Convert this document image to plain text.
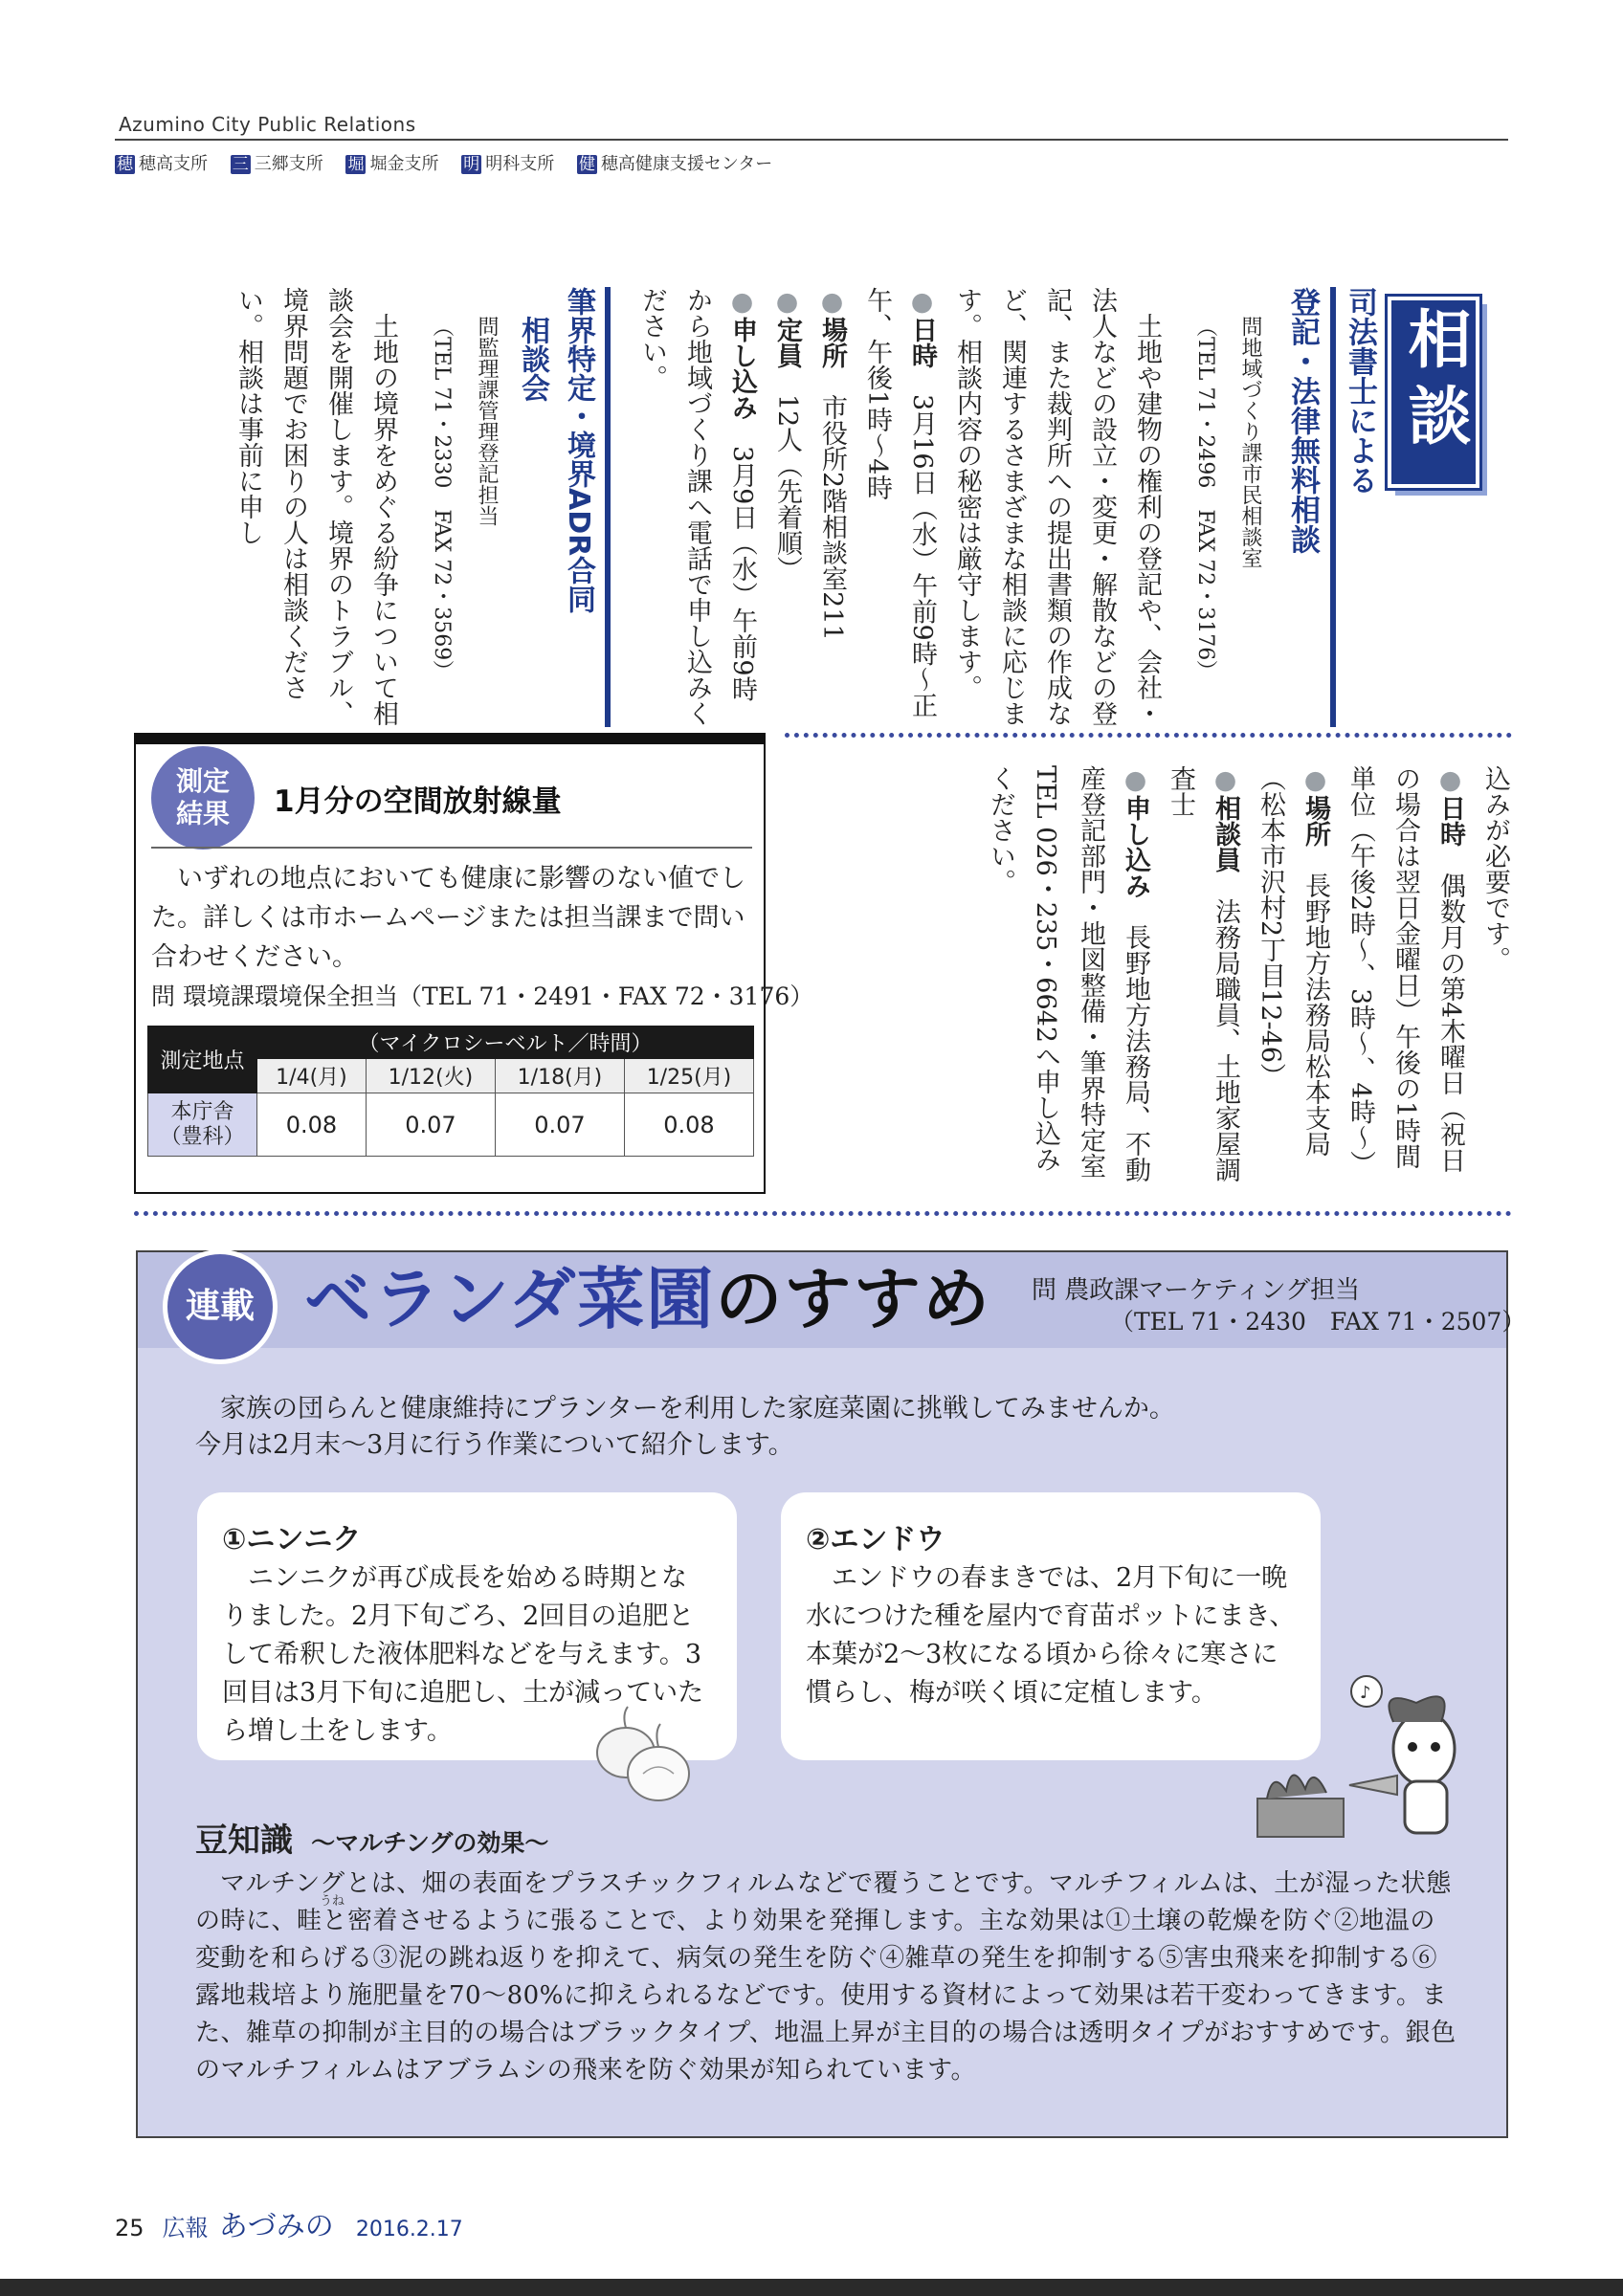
Azumino City Public Relations
穂 穂高支所 三 三郷支所 堀 堀金支所 明 明科支所 健 穂高健康支援センター
相談
司法書士による
登記・法律無料相談
問地域づくり課市民相談室
（TEL 71・2496　FAX 72・3176）
土地や建物の権利の登記や、会社・法人などの設立・変更・解散などの登記、また裁判所への提出書類の作成など、関連するさまざまな相談に応じます。相談内容の秘密は厳守します。
●日時　3月16日（水）午前9時〜正午、午後1時〜4時
●場所　市役所2階相談室211
●定員　12人（先着順）
●申し込み　3月9日（水）午前9時から地域づくり課へ電話で申し込みください。
筆界特定・境界ADR合同
相談会
問監理課管理登記担当
（TEL 71・2330　FAX 72・3569）
土地の境界をめぐる紛争について相談会を開催します。境界のトラブル、境界問題でお困りの人は相談ください。相談は事前に申し
込みが必要です。
●日時　偶数月の第4木曜日（祝日の場合は翌日金曜日）午後の1時間単位（午後2時〜、3時〜、4時〜）
●場所　長野地方法務局松本支局（松本市沢村2丁目12‐46）
●相談員　法務局職員、土地家屋調査士
●申し込み　長野地方法務局、不動産登記部門・地図整備・筆界特定室 TEL 026・235・6642へ申し込みください。
測定
結果	1月分の空間放射線量
いずれの地点においても健康に影響のない値でした。詳しくは市ホームページまたは担当課まで問い合わせください。
問 環境課環境保全担当（TEL 71・2491・FAX 72・3176）
測定地点	（マイクロシーベルト／時間）			
	1/4(月)	1/12(火)	1/18(月)	1/25(月)

本庁舎
（豊科）	0.08	0.07	0.07	0.08
連載 ベランダ菜園のすすめ 問 農政課マーケティング担当
（TEL 71・2430　FAX 71・2507）
家族の団らんと健康維持にプランターを利用した家庭菜園に挑戦してみませんか。
今月は2月末〜3月に行う作業について紹介します。
①ニンニク

ニンニクが再び成長を始める時期となりました。2月下旬ごろ、2回目の追肥として希釈した液体肥料などを与えます。3回目は3月下旬に追肥し、土が減っていたら増し土をします。

②エンドウ

エンドウの春まきでは、2月下旬に一晩水につけた種を屋内で育苗ポットにまき、本葉が2〜3枚になる頃から徐々に寒さに慣らし、梅が咲く頃に定植します。	♪
豆知識 〜マルチングの効果〜
うね

マルチングとは、畑の表面をプラスチックフィルムなどで覆うことです。マルチフィルムは、土が湿った状態の時に、畦と密着させるように張ることで、より効果を発揮します。主な効果は①土壌の乾燥を防ぐ②地温の変動を和らげる③泥の跳ね返りを抑えて、病気の発生を防ぐ④雑草の発生を抑制する⑤害虫飛来を抑制する⑥露地栽培より施肥量を70〜80%に抑えられるなどです。使用する資材によって効果は若干変わってきます。また、雑草の抑制が主目的の場合はブラックタイプ、地温上昇が主目的の場合は透明タイプがおすすめです。銀色のマルチフィルムはアブラムシの飛来を防ぐ効果が知られています。

25 広報 あづみの 2016.2.17
